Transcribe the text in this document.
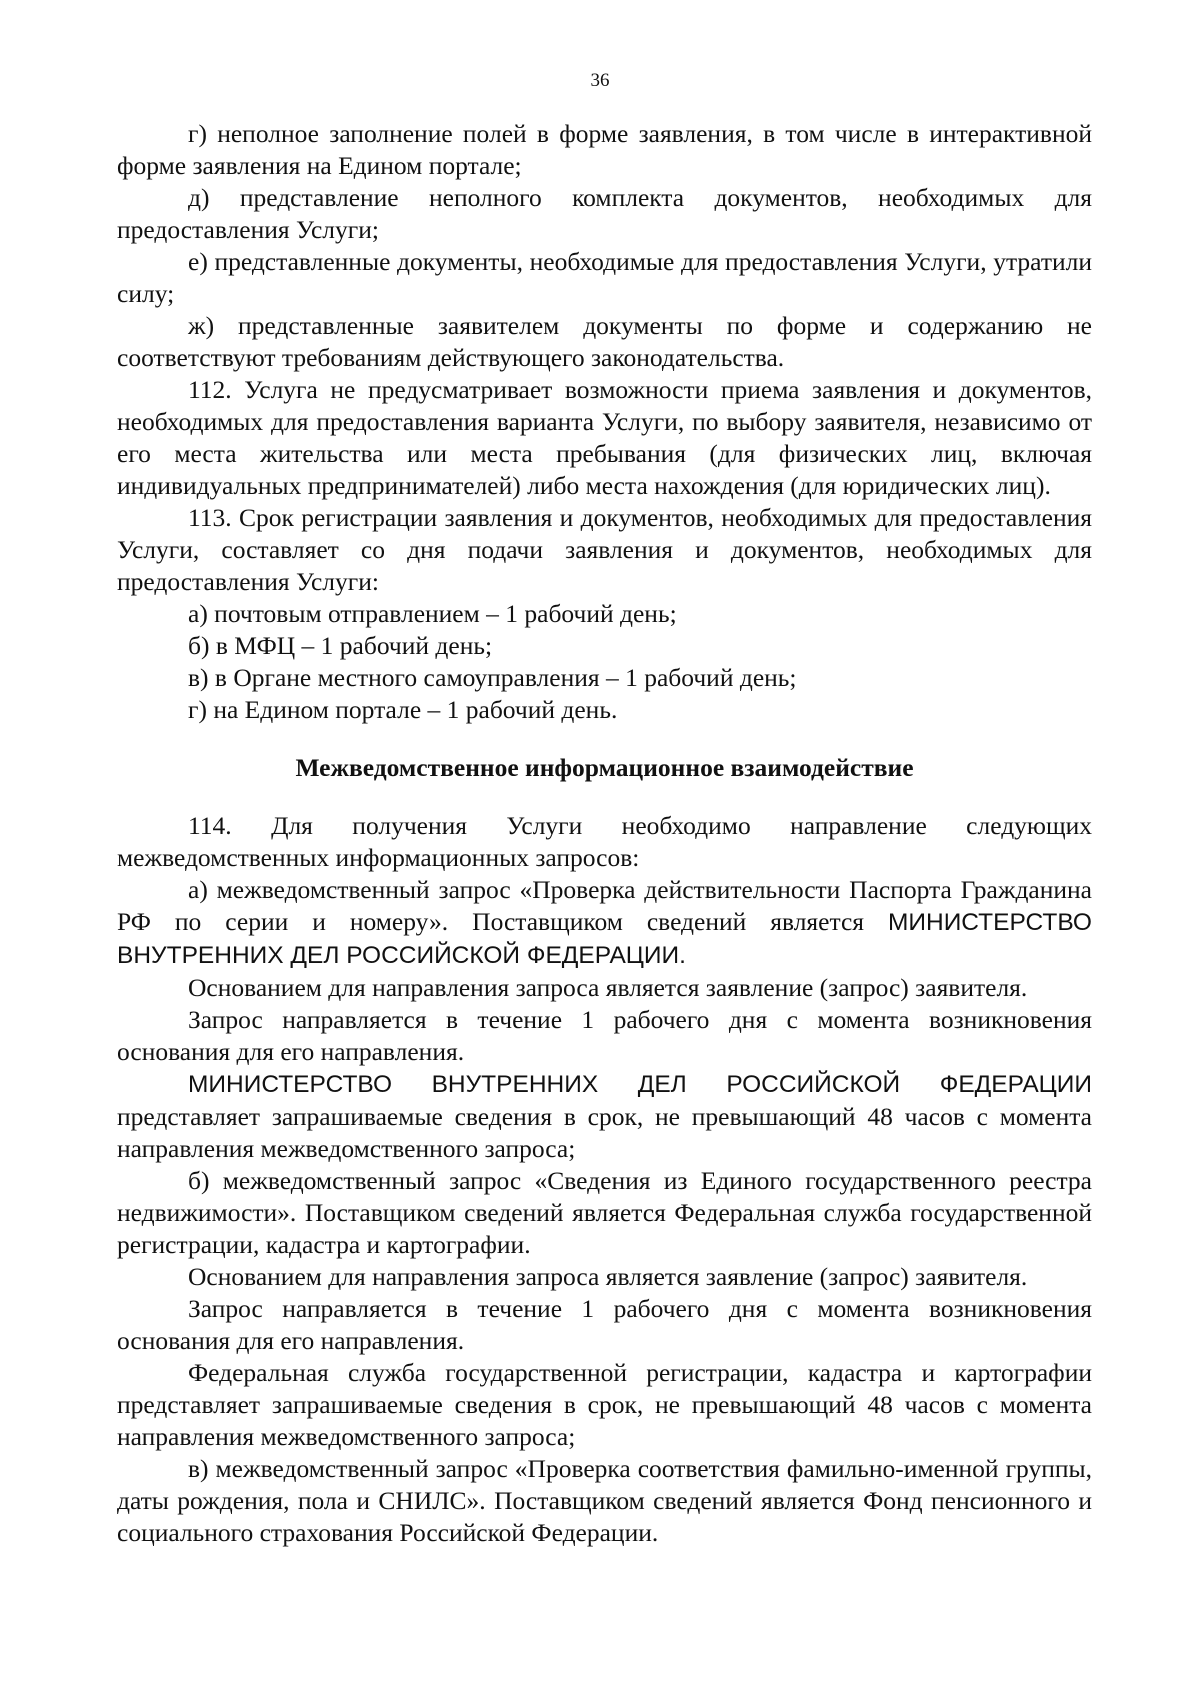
36

г) неполное заполнение полей в форме заявления, в том числе в интерактивной форме заявления на Едином портале;

д) представление неполного комплекта документов, необходимых для предоставления Услуги;

е) представленные документы, необходимые для предоставления Услуги, утратили силу;

ж) представленные заявителем документы по форме и содержанию не соответствуют требованиям действующего законодательства.

112. Услуга не предусматривает возможности приема заявления и документов, необходимых для предоставления варианта Услуги, по выбору заявителя, независимо от его места жительства или места пребывания (для физических лиц, включая индивидуальных предпринимателей) либо места нахождения (для юридических лиц).

113. Срок регистрации заявления и документов, необходимых для предоставления Услуги, составляет со дня подачи заявления и документов, необходимых для предоставления Услуги:

а) почтовым отправлением – 1 рабочий день;

б) в МФЦ – 1 рабочий день;

в) в Органе местного самоуправления – 1 рабочий день;

г) на Едином портале – 1 рабочий день.

Межведомственное информационное взаимодействие

114. Для получения Услуги необходимо направление следующих межведомственных информационных запросов:

а) межведомственный запрос «Проверка действительности Паспорта Гражданина РФ по серии и номеру». Поставщиком сведений является МИНИСТЕРСТВО ВНУТРЕННИХ ДЕЛ РОССИЙСКОЙ ФЕДЕРАЦИИ.

Основанием для направления запроса является заявление (запрос) заявителя.

Запрос направляется в течение 1 рабочего дня с момента возникновения основания для его направления.

МИНИСТЕРСТВО ВНУТРЕННИХ ДЕЛ РОССИЙСКОЙ ФЕДЕРАЦИИ представляет запрашиваемые сведения в срок, не превышающий 48 часов с момента направления межведомственного запроса;

б) межведомственный запрос «Сведения из Единого государственного реестра недвижимости». Поставщиком сведений является Федеральная служба государственной регистрации, кадастра и картографии.

Основанием для направления запроса является заявление (запрос) заявителя.

Запрос направляется в течение 1 рабочего дня с момента возникновения основания для его направления.

Федеральная служба государственной регистрации, кадастра и картографии представляет запрашиваемые сведения в срок, не превышающий 48 часов с момента направления межведомственного запроса;

в) межведомственный запрос «Проверка соответствия фамильно-именной группы, даты рождения, пола и СНИЛС». Поставщиком сведений является Фонд пенсионного и социального страхования Российской Федерации.
